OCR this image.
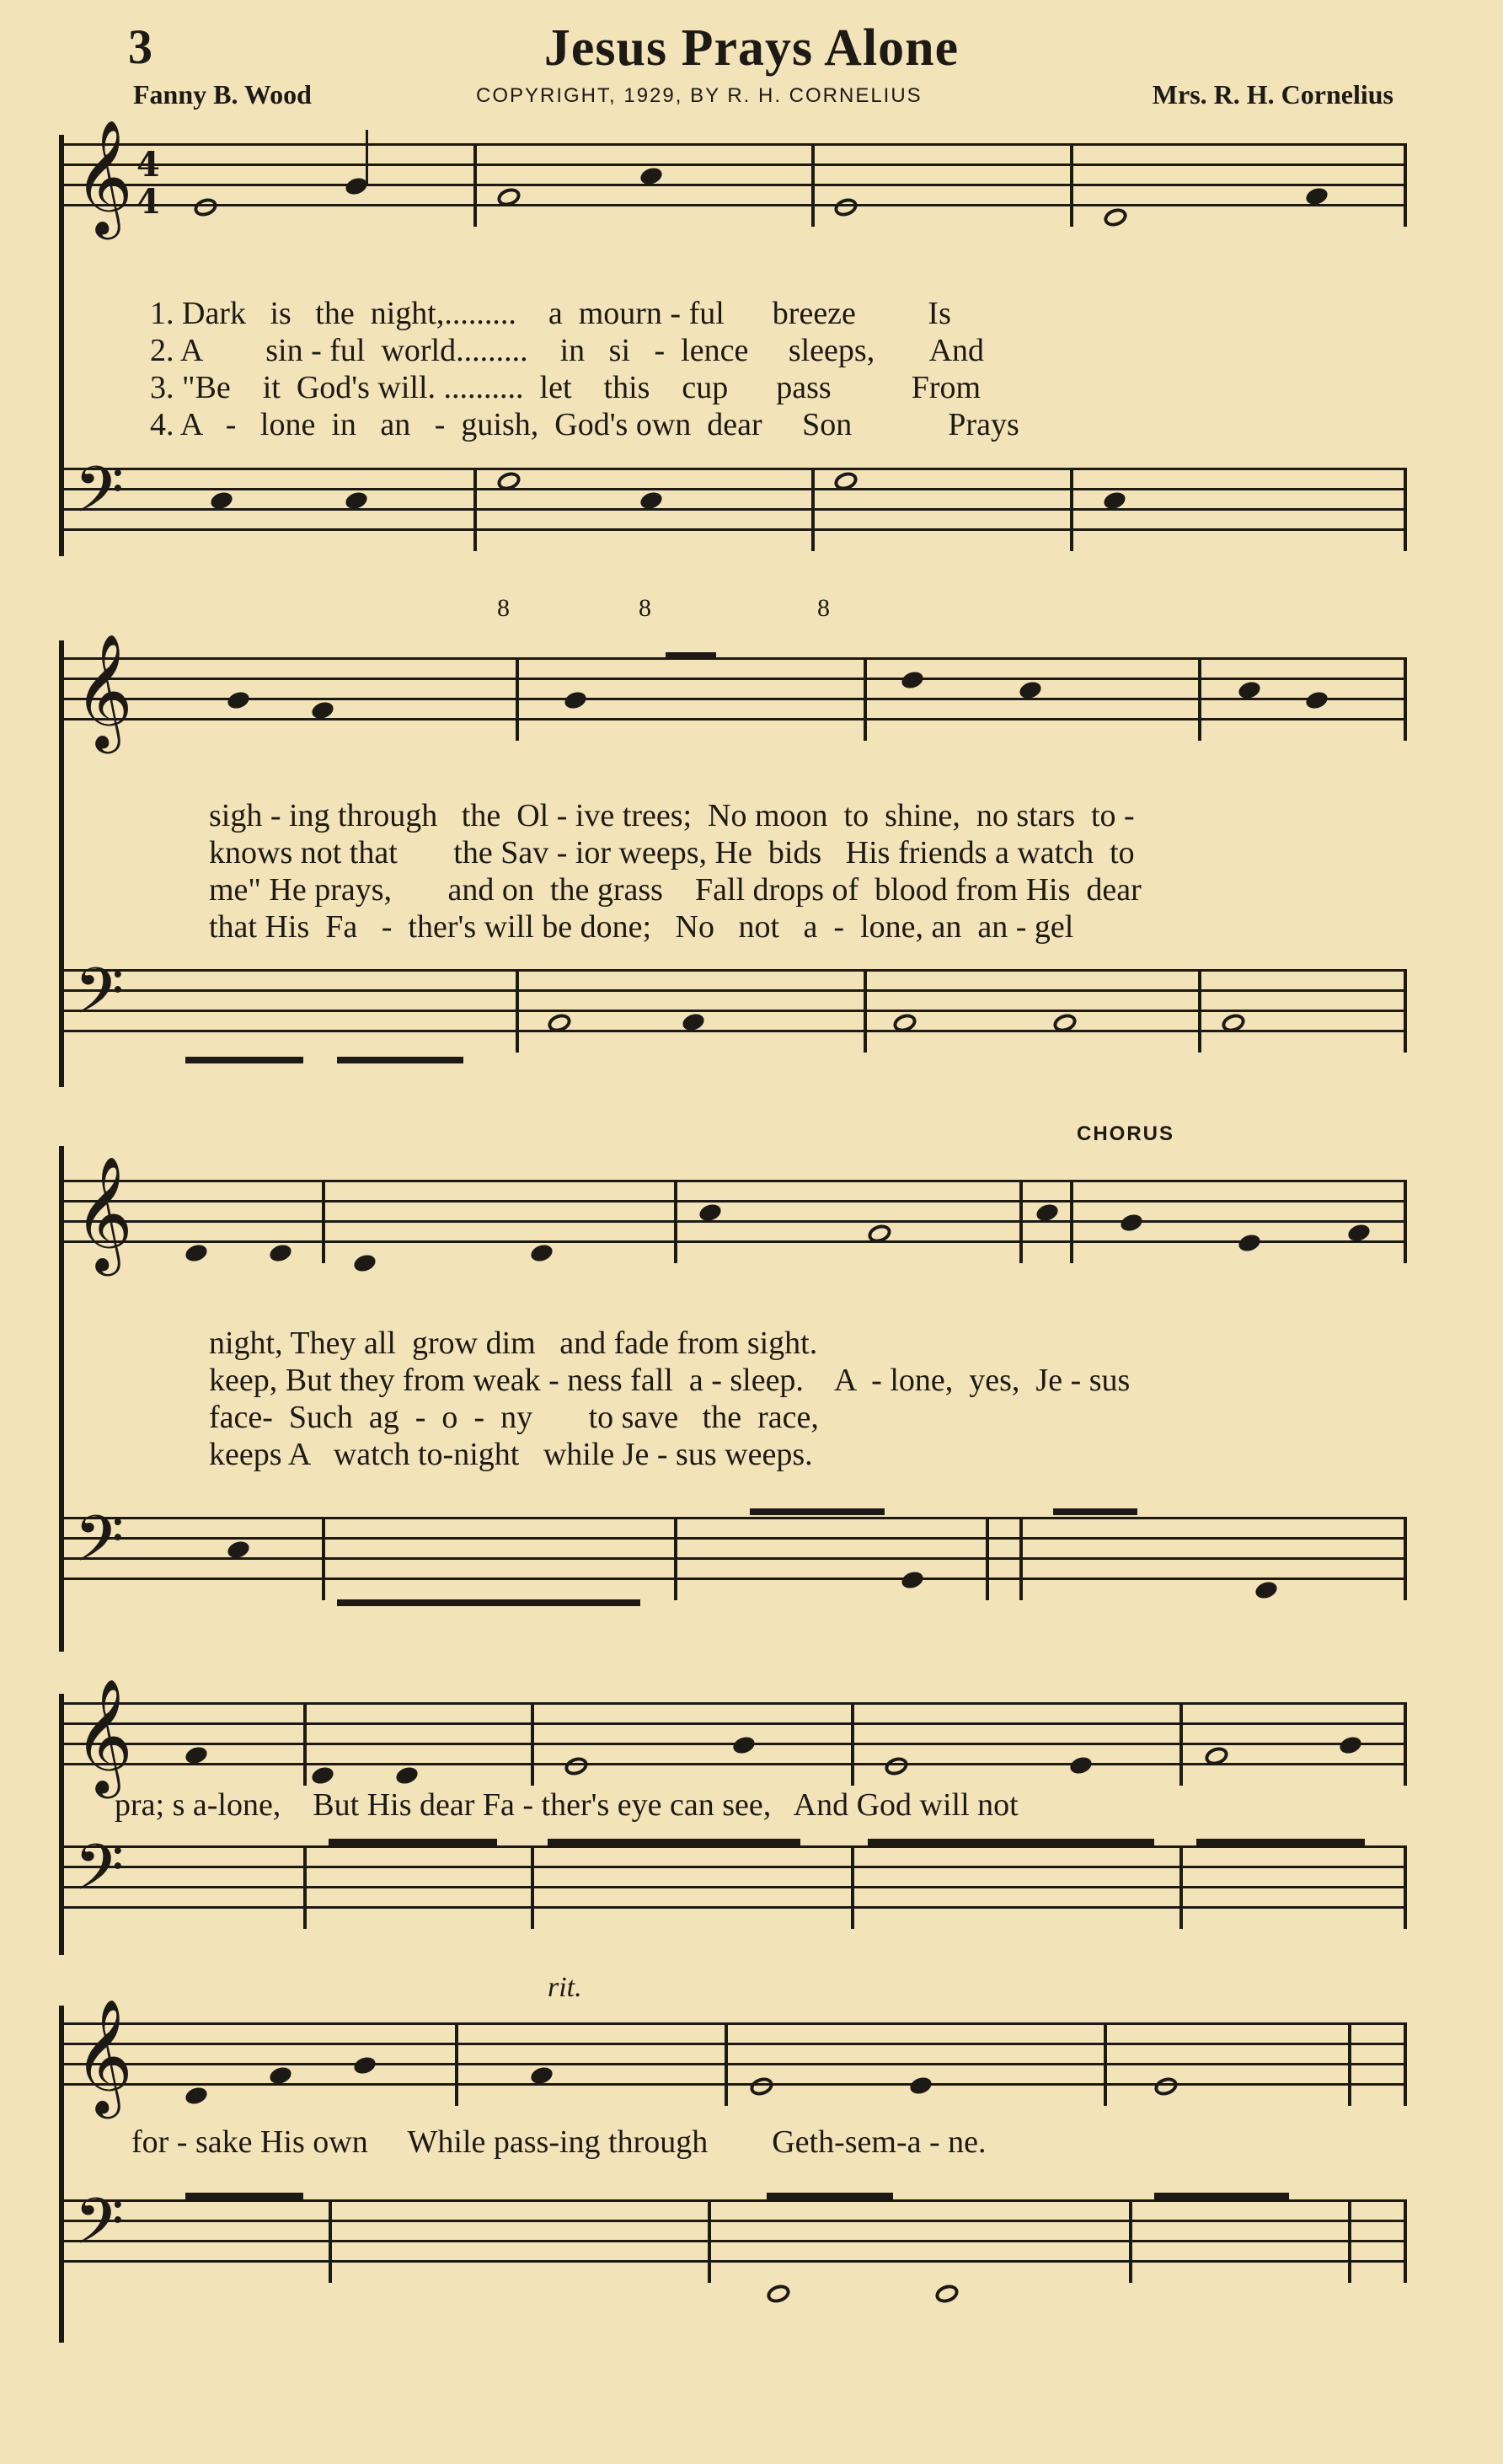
3	Jesus Prays Alone
Fanny B. Wood	COPYRIGHT, 1929, BY R. H. CORNELIUS	Mrs. R. H. Cornelius
𝄞 4
4
1. Dark   is   the  night,.........    a  mourn - ful      breeze         Is
2. A        sin - ful  world.........    in   si   -  lence     sleeps,       And
3. "Be    it  God's will. ..........  let    this    cup      pass          From
4. A   -   lone  in   an   -  guish,  God's own  dear     Son            Prays
𝄢
8	8	8
𝄞
sigh - ing through   the  Ol - ive trees;  No moon  to  shine,  no stars  to -
knows not that       the Sav - ior weeps, He  bids   His friends a watch  to
me" He prays,       and on  the grass    Fall drops of  blood from His  dear
that His  Fa   -  ther's will be done;   No   not   a  -  lone, an  an - gel
𝄢
CHORUS
𝄞
night, They all  grow dim   and fade from sight.
keep, But they from weak - ness fall  a - sleep.    A  - lone,  yes,  Je - sus
face-  Such  ag  -  o  -  ny       to save   the  race,
keeps A   watch to-night   while Je - sus weeps.
𝄢
𝄞
pra; s a-lone,    But His dear Fa - ther's eye can see,   And God will not
𝄢
rit.
𝄞
for - sake His own     While pass-ing through        Geth-sem-a - ne.
𝄢
